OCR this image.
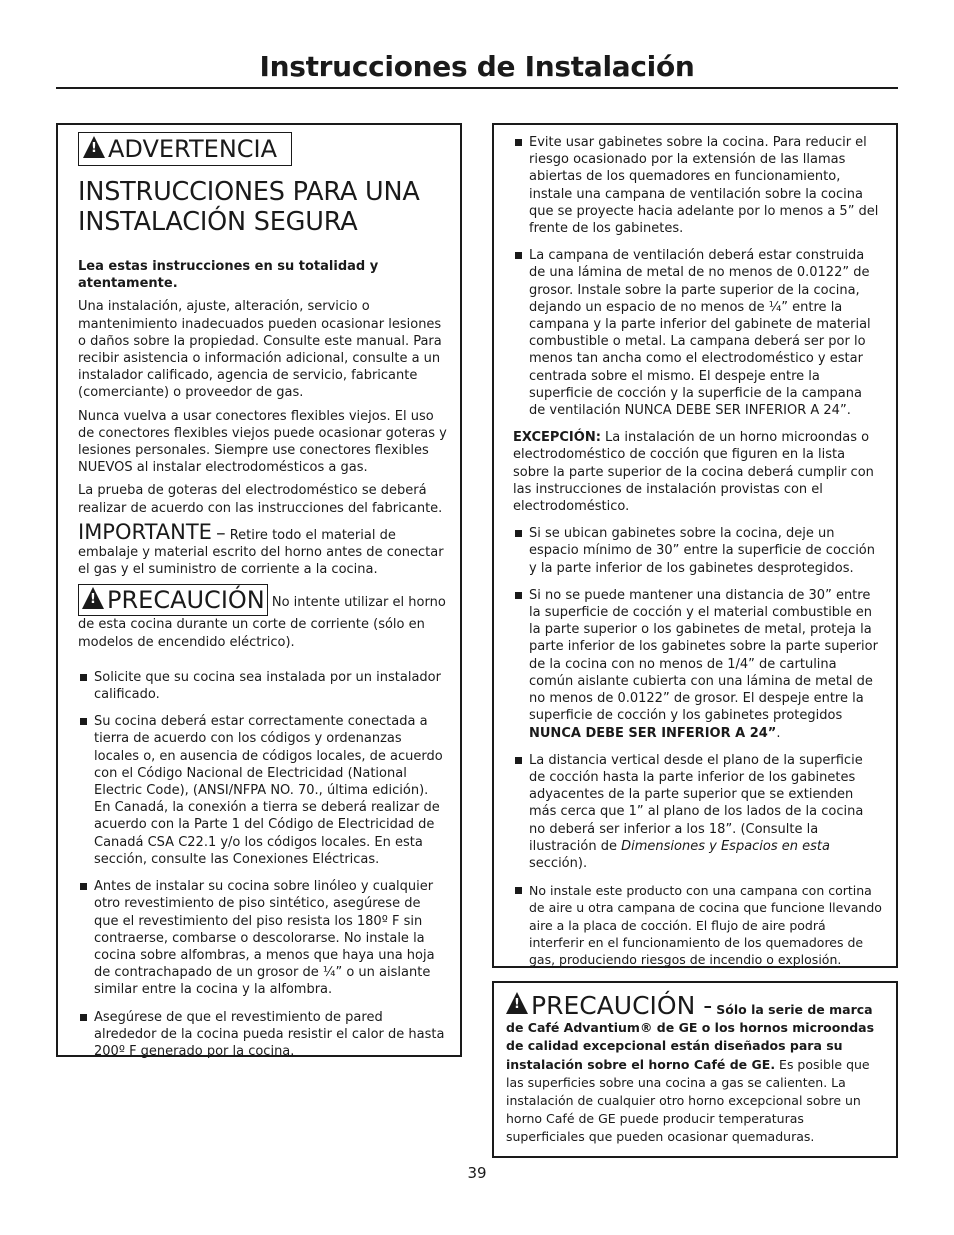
Instrucciones de Instalación
! ADVERTENCIA
INSTRUCCIONES PARA UNA INSTALACIÓN SEGURA

Lea estas instrucciones en su totalidad y atentamente.

Una instalación, ajuste, alteración, servicio o mantenimiento inadecuados pueden ocasionar lesiones o daños sobre la propiedad. Consulte este manual. Para recibir asistencia o información adicional, consulte a un instalador calificado, agencia de servicio, fabricante (comerciante) o proveedor de gas.

Nunca vuelva a usar conectores flexibles viejos. El uso de conectores flexibles viejos puede ocasionar goteras y lesiones personales. Siempre use conectores flexibles NUEVOS al instalar electrodomésticos a gas.

La prueba de goteras del electrodoméstico se deberá realizar de acuerdo con las instrucciones del fabricante.

IMPORTANTE – Retire todo el material de embalaje y material escrito del horno antes de conectar el gas y el suministro de corriente a la cocina.

! PRECAUCIÓN No intente utilizar el horno de esta cocina durante un corte de corriente (sólo en modelos de encendido eléctrico).

Solicite que su cocina sea instalada por un instalador calificado.
Su cocina deberá estar correctamente conectada a tierra de acuerdo con los códigos y ordenanzas locales o, en ausencia de códigos locales, de acuerdo con el Código Nacional de Electricidad (National Electric Code), (ANSI/NFPA NO. 70., última edición). En Canadá, la conexión a tierra se deberá realizar de acuerdo con la Parte 1 del Código de Electricidad de Canadá CSA C22.1 y/o los códigos locales. En esta sección, consulte las Conexiones Eléctricas.
Antes de instalar su cocina sobre linóleo y cualquier otro revestimiento de piso sintético, asegúrese de que el revestimiento del piso resista los 180º F sin contraerse, combarse o descolorarse. No instale la cocina sobre alfombras, a menos que haya una hoja de contrachapado de un grosor de ¼” o un aislante similar entre la cocina y la alfombra.
Asegúrese de que el revestimiento de pared alrededor de la cocina pueda resistir el calor de hasta 200º F generado por la cocina.
Evite usar gabinetes sobre la cocina. Para reducir el riesgo ocasionado por la extensión de las llamas abiertas de los quemadores en funcionamiento, instale una campana de ventilación sobre la cocina que se proyecte hacia adelante por lo menos a 5” del frente de los gabinetes.
La campana de ventilación deberá estar construida de una lámina de metal de no menos de 0.0122” de grosor. Instale sobre la parte superior de la cocina, dejando un espacio de no menos de ¼” entre la campana y la parte inferior del gabinete de material combustible o metal. La campana deberá ser por lo menos tan ancha como el electrodoméstico y estar centrada sobre el mismo. El despeje entre la superficie de cocción y la superficie de la campana de ventilación NUNCA DEBE SER INFERIOR A 24”.

EXCEPCIÓN: La instalación de un horno microondas o electrodoméstico de cocción que figuren en la lista sobre la parte superior de la cocina deberá cumplir con las instrucciones de instalación provistas con el electrodoméstico.

Si se ubican gabinetes sobre la cocina, deje un espacio mínimo de 30” entre la superficie de cocción y la parte inferior de los gabinetes desprotegidos.
Si no se puede mantener una distancia de 30” entre la superficie de cocción y el material combustible en la parte superior o los gabinetes de metal, proteja la parte inferior de los gabinetes sobre la parte superior de la cocina con no menos de 1/4” de cartulina común aislante cubierta con una lámina de metal de no menos de 0.0122” de grosor. El despeje entre la superficie de cocción y los gabinetes protegidos NUNCA DEBE SER INFERIOR A 24”.
La distancia vertical desde el plano de la superficie de cocción hasta la parte inferior de los gabinetes adyacentes de la parte superior que se extienden más cerca que 1” al plano de los lados de la cocina no deberá ser inferior a los 18”. (Consulte la ilustración de Dimensiones y Espacios en esta sección).
No instale este producto con una campana con cortina de aire u otra campana de cocina que funcione llevando aire a la placa de cocción. El flujo de aire podrá interferir en el funcionamiento de los quemadores de gas, produciendo riesgos de incendio o explosión.

! PRECAUCIÓN - Sólo la serie de marca de Café Advantium® de GE o los hornos microondas de calidad excepcional están diseñados para su instalación sobre el horno Café de GE. Es posible que las superficies sobre una cocina a gas se calienten. La instalación de cualquier otro horno excepcional sobre un horno Café de GE puede producir temperaturas superficiales que pueden ocasionar quemaduras.

39
